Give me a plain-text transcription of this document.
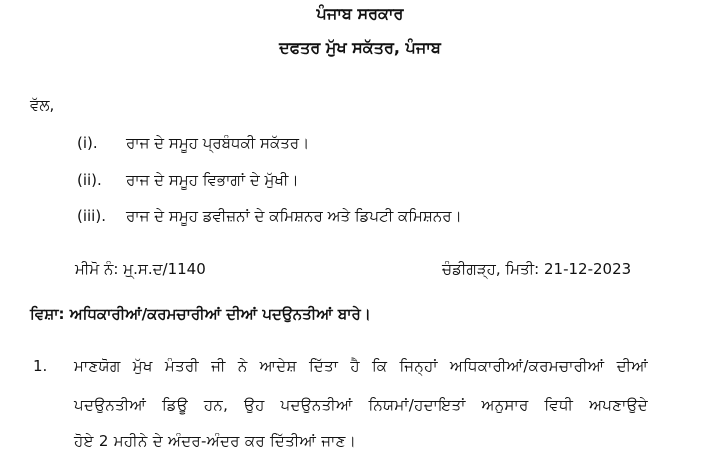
ਪੰਜਾਬ ਸਰਕਾਰ
ਦਫਤਰ ਮੁੱਖ ਸਕੱਤਰ, ਪੰਜਾਬ
ਵੱਲ,
(i). ਰਾਜ ਦੇ ਸਮੂਹ ਪ੍ਰਬੰਧਕੀ ਸਕੱਤਰ।
(ii). ਰਾਜ ਦੇ ਸਮੂਹ ਵਿਭਾਗਾਂ ਦੇ ਮੁੱਖੀ।
(iii). ਰਾਜ ਦੇ ਸਮੂਹ ਡਵੀਜ਼ਨਾਂ ਦੇ ਕਮਿਸ਼ਨਰ ਅਤੇ ਡਿਪਟੀ ਕਮਿਸ਼ਨਰ।
ਮੀਮੋ ਨੰ: ਮੁ੍.ਸ.ਦ/1140	ਚੰਡੀਗੜ੍ਹ, ਮਿਤੀ: 21-12-2023
ਵਿਸ਼ਾ: ਅਧਿਕਾਰੀਆਂ/ਕਰਮਚਾਰੀਆਂ ਦੀਆਂ ਪਦਉਨਤੀਆਂ ਬਾਰੇ।
1. ਮਾਣਯੋਗ ਮੁੱਖ ਮੰਤਰੀ ਜੀ ਨੇ ਆਦੇਸ਼ ਦਿੱਤਾ ਹੈ ਕਿ ਜਿਨ੍ਹਾਂ ਅਧਿਕਾਰੀਆਂ/ਕਰਮਚਾਰੀਆਂ ਦੀਆਂ
ਪਦਉਨਤੀਆਂ ਡਿਊ ਹਨ, ਉਹ ਪਦਉਨਤੀਆਂ ਨਿਯਮਾਂ/ਹਦਾਇਤਾਂ ਅਨੁਸਾਰ ਵਿਧੀ ਅਪਣਾਉਦੇ
ਹੋਏ 2 ਮਹੀਨੇ ਦੇ ਅੰਦਰ-ਅੰਦਰ ਕਰ ਦਿੱਤੀਆਂ ਜਾਣ।
